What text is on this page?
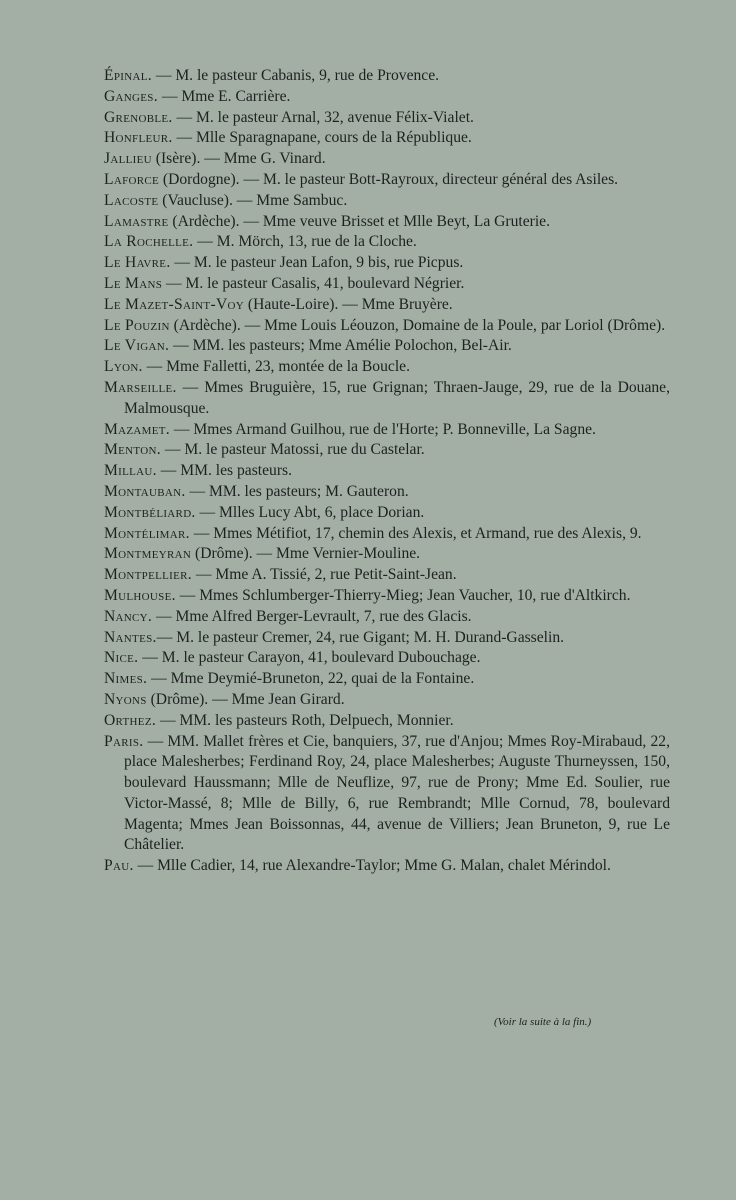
Épinal. — M. le pasteur Cabanis, 9, rue de Provence.
Ganges. — Mme E. Carrière.
Grenoble. — M. le pasteur Arnal, 32, avenue Félix-Vialet.
Honfleur. — Mlle Sparagnapane, cours de la République.
Jallieu (Isère). — Mme G. Vinard.
Laforce (Dordogne). — M. le pasteur Bott-Rayroux, directeur général des Asiles.
Lacoste (Vaucluse). — Mme Sambuc.
Lamastre (Ardèche). — Mme veuve Brisset et Mlle Beyt, La Gruterie.
La Rochelle. — M. Mörch, 13, rue de la Cloche.
Le Havre. — M. le pasteur Jean Lafon, 9 bis, rue Picpus.
Le Mans — M. le pasteur Casalis, 41, boulevard Négrier.
Le Mazet-Saint-Voy (Haute-Loire). — Mme Bruyère.
Le Pouzin (Ardèche). — Mme Louis Léouzon, Domaine de la Poule, par Loriol (Drôme).
Le Vigan. — MM. les pasteurs; Mme Amélie Polochon, Bel-Air.
Lyon. — Mme Falletti, 23, montée de la Boucle.
Marseille. — Mmes Bruguière, 15, rue Grignan; Thraen-Jauge, 29, rue de la Douane, Malmousque.
Mazamet. — Mmes Armand Guilhou, rue de l'Horte; P. Bonneville, La Sagne.
Menton. — M. le pasteur Matossi, rue du Castelar.
Millau. — MM. les pasteurs.
Montauban. — MM. les pasteurs; M. Gauteron.
Montbéliard. — Mlles Lucy Abt, 6, place Dorian.
Montélimar. — Mmes Métifiot, 17, chemin des Alexis, et Armand, rue des Alexis, 9.
Montmeyran (Drôme). — Mme Vernier-Mouline.
Montpellier. — Mme A. Tissié, 2, rue Petit-Saint-Jean.
Mulhouse. — Mmes Schlumberger-Thierry-Mieg; Jean Vaucher, 10, rue d'Altkirch.
Nancy. — Mme Alfred Berger-Levrault, 7, rue des Glacis.
Nantes.— M. le pasteur Cremer, 24, rue Gigant; M. H. Durand-Gasselin.
Nice. — M. le pasteur Carayon, 41, boulevard Dubouchage.
Nimes. — Mme Deymié-Bruneton, 22, quai de la Fontaine.
Nyons (Drôme). — Mme Jean Girard.
Orthez. — MM. les pasteurs Roth, Delpuech, Monnier.
Paris. — MM. Mallet frères et Cie, banquiers, 37, rue d'Anjou; Mmes Roy-Mirabaud, 22, place Malesherbes; Ferdinand Roy, 24, place Malesherbes; Auguste Thurneyssen, 150, boulevard Haussmann; Mlle de Neuflize, 97, rue de Prony; Mme Ed. Soulier, rue Victor-Massé, 8; Mlle de Billy, 6, rue Rembrandt; Mlle Cornud, 78, boulevard Magenta; Mmes Jean Boissonnas, 44, avenue de Villiers; Jean Bruneton, 9, rue Le Châtelier.
Pau. — Mlle Cadier, 14, rue Alexandre-Taylor; Mme G. Malan, chalet Mérindol.
(Voir la suite à la fin.)
